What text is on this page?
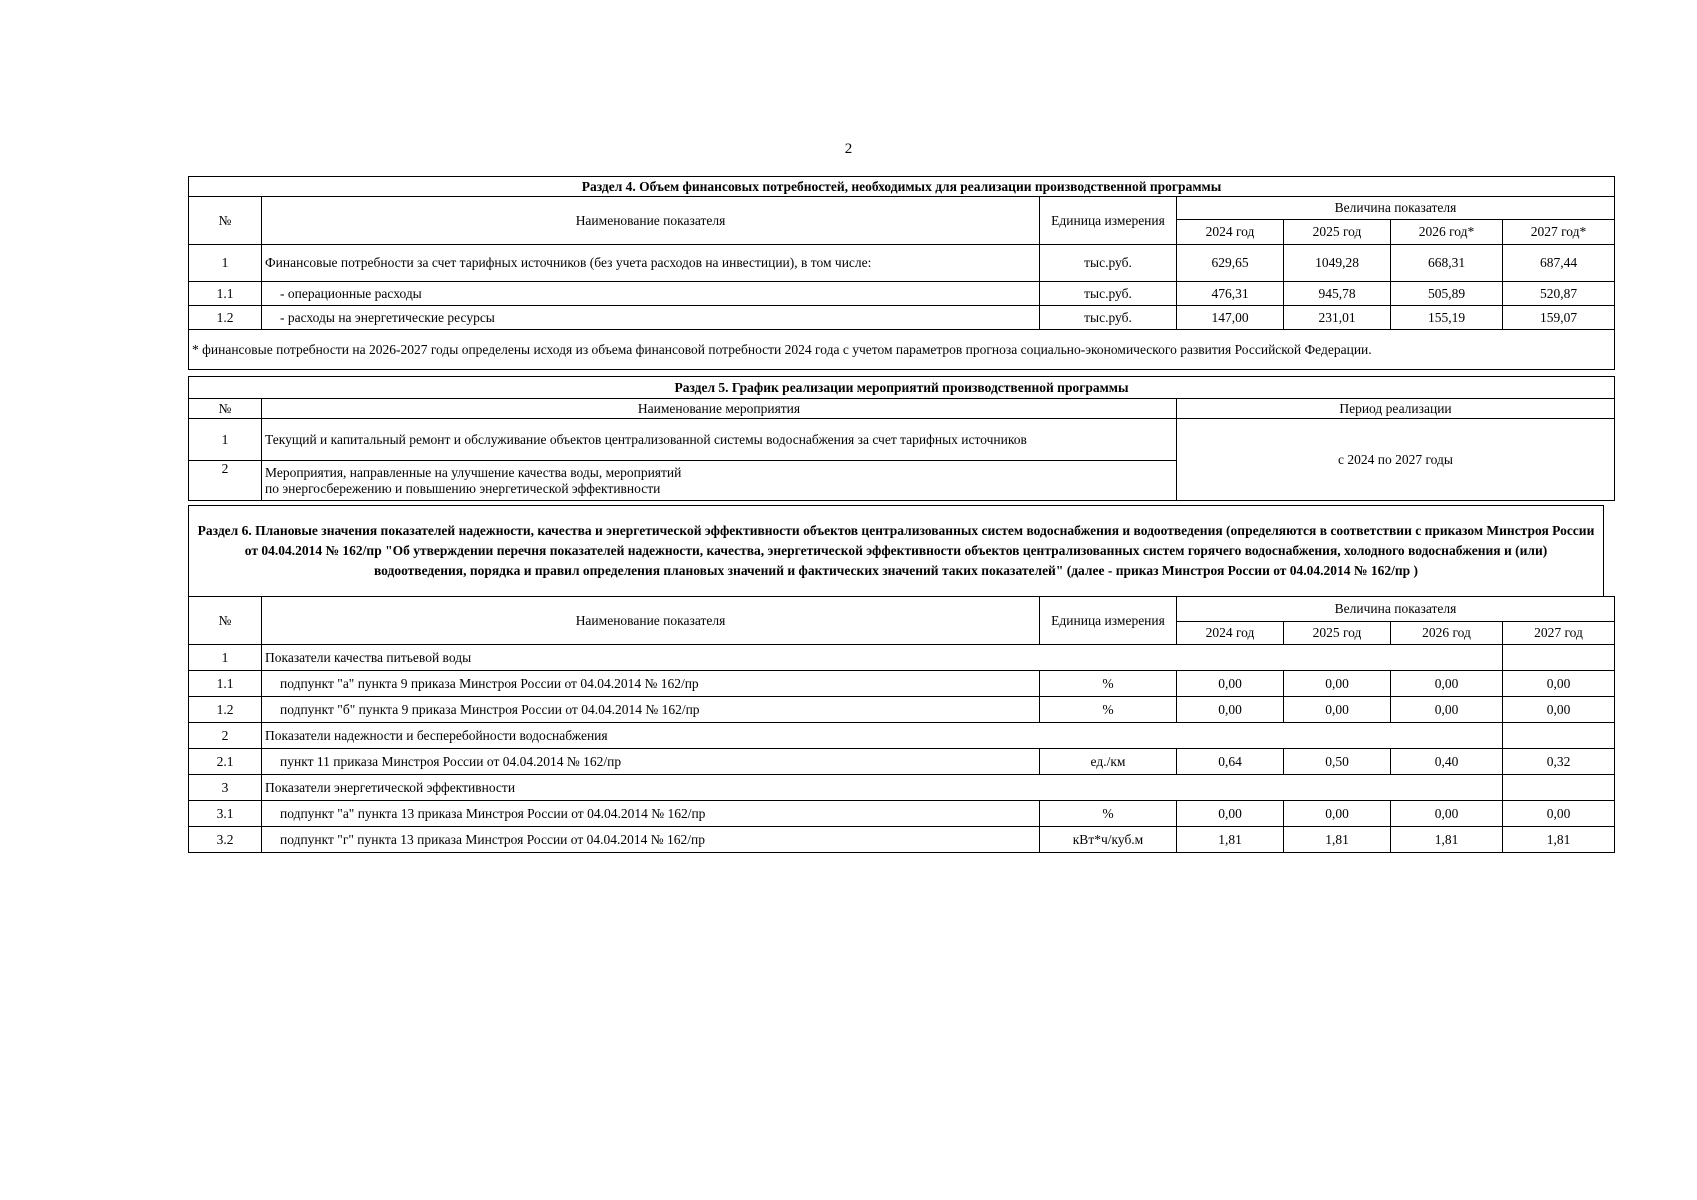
2
Раздел 4. Объем финансовых потребностей, необходимых для реализации производственной программы						
№	Наименование показателя	Единица измерения	Величина показателя			
			2024 год	2025 год	2026 год*	2027 год*
1	Финансовые потребности за счет тарифных источников (без учета расходов на инвестиции), в том числе:	тыс.руб.	629,65	1049,28	668,31	687,44
1.1	- операционные расходы	тыс.руб.	476,31	945,78	505,89	520,87
1.2	- расходы на энергетические ресурсы	тыс.руб.	147,00	231,01	155,19	159,07
* финансовые потребности на 2026-2027 годы определены исходя из объема финансовой потребности 2024 года с учетом параметров прогноза социально-экономического развития Российской Федерации.						
Раздел 5. График реализации мероприятий производственной программы		
№	Наименование мероприятия	Период реализации
1	Текущий и капитальный ремонт и обслуживание объектов централизованной системы водоснабжения за счет тарифных источников	с 2024 по 2027 годы
2	Мероприятия, направленные на улучшение качества воды, мероприятий
по энергосбережению и повышению энергетической эффективности	
Раздел 6. Плановые значения показателей надежности, качества и энергетической эффективности объектов централизованных систем водоснабжения и водоотведения (определяются в соответствии с приказом Минстроя России от 04.04.2014 № 162/пр "Об утверждении перечня показателей надежности, качества, энергетической эффективности объектов централизованных систем горячего водоснабжения, холодного водоснабжения и (или) водоотведения, порядка и правил определения плановых значений и фактических значений таких показателей" (далее - приказ Минстроя России от 04.04.2014 № 162/пр )
№	Наименование показателя	Единица измерения	Величина показателя			
			2024 год	2025 год	2026 год	2027 год
1	Показатели качества питьевой воды					
1.1	подпункт "а" пункта 9 приказа Минстроя России от 04.04.2014 № 162/пр	%	0,00	0,00	0,00	0,00
1.2	подпункт "б" пункта 9 приказа Минстроя России от 04.04.2014 № 162/пр	%	0,00	0,00	0,00	0,00
2	Показатели надежности и бесперебойности водоснабжения					
2.1	пункт 11 приказа Минстроя России от 04.04.2014 № 162/пр	ед./км	0,64	0,50	0,40	0,32
3	Показатели энергетической эффективности					
3.1	подпункт "а" пункта 13 приказа Минстроя России от 04.04.2014 № 162/пр	%	0,00	0,00	0,00	0,00
3.2	подпункт "г" пункта 13 приказа Минстроя России от 04.04.2014 № 162/пр	кВт*ч/куб.м	1,81	1,81	1,81	1,81
